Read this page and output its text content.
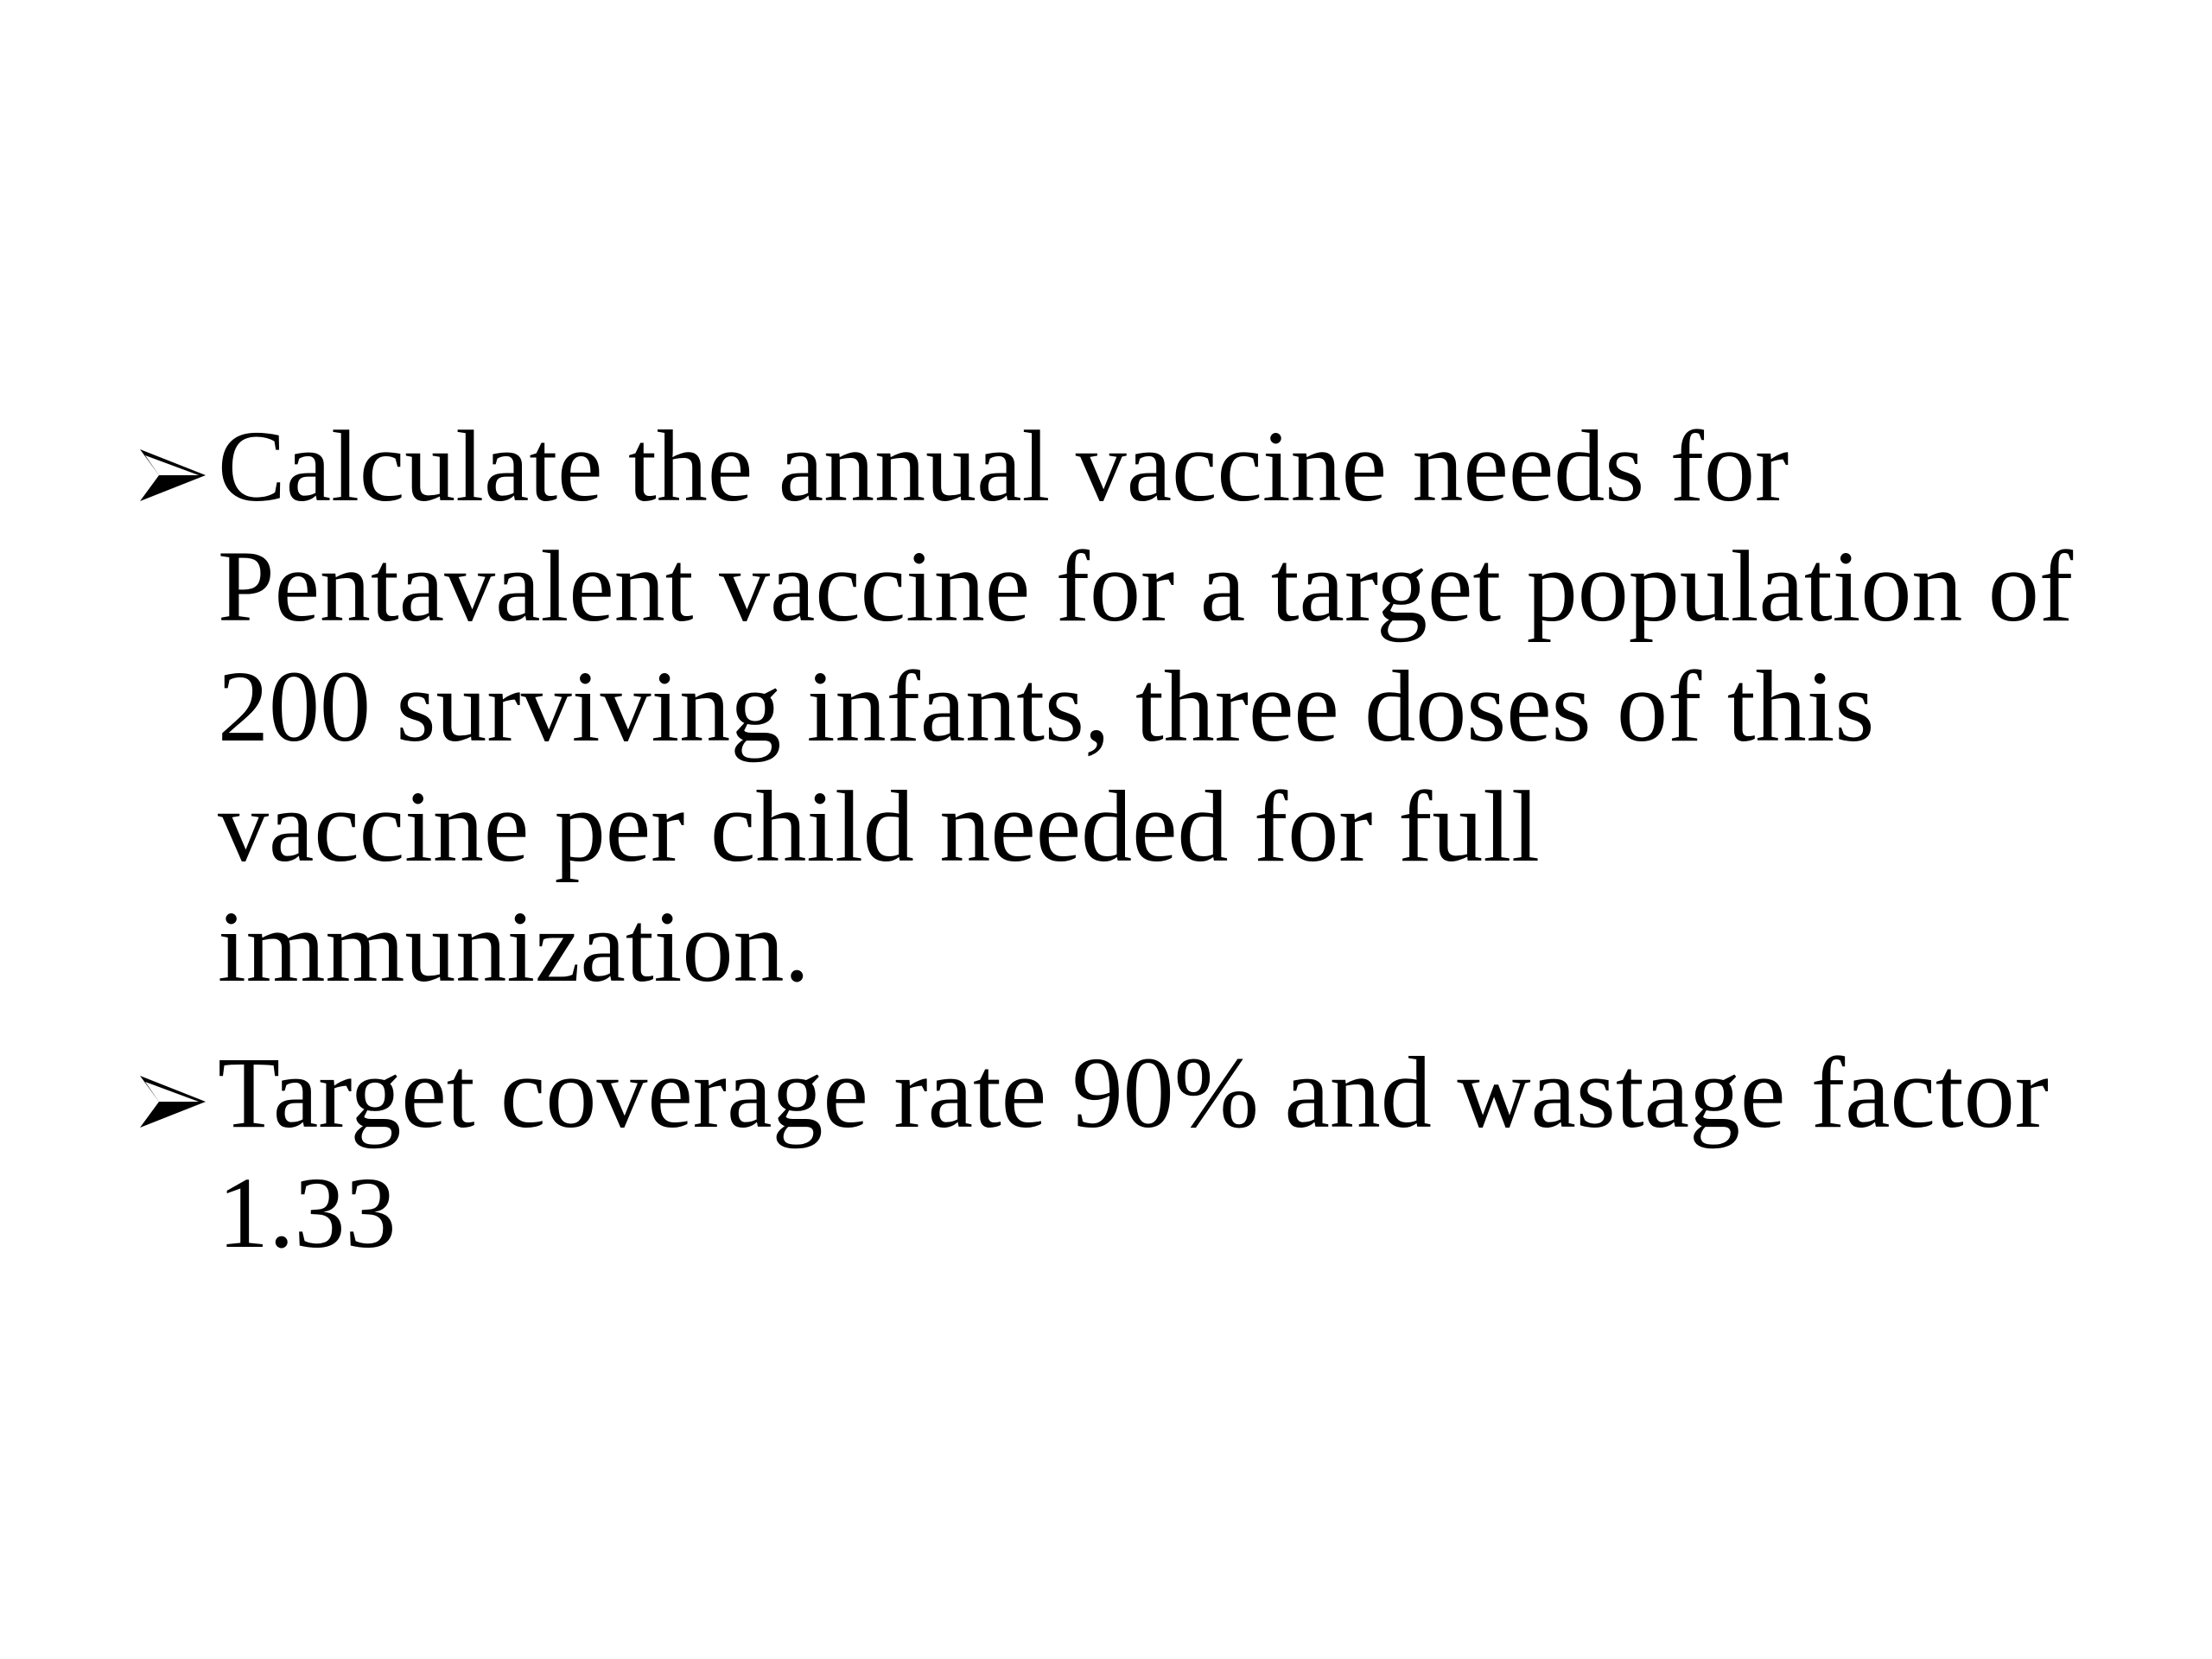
Calculate the annual vaccine needs for
Pentavalent vaccine for a target population of
200 surviving infants, three doses of this
vaccine per child needed for full
immunization.
Target coverage rate 90% and wastage factor
1.33
